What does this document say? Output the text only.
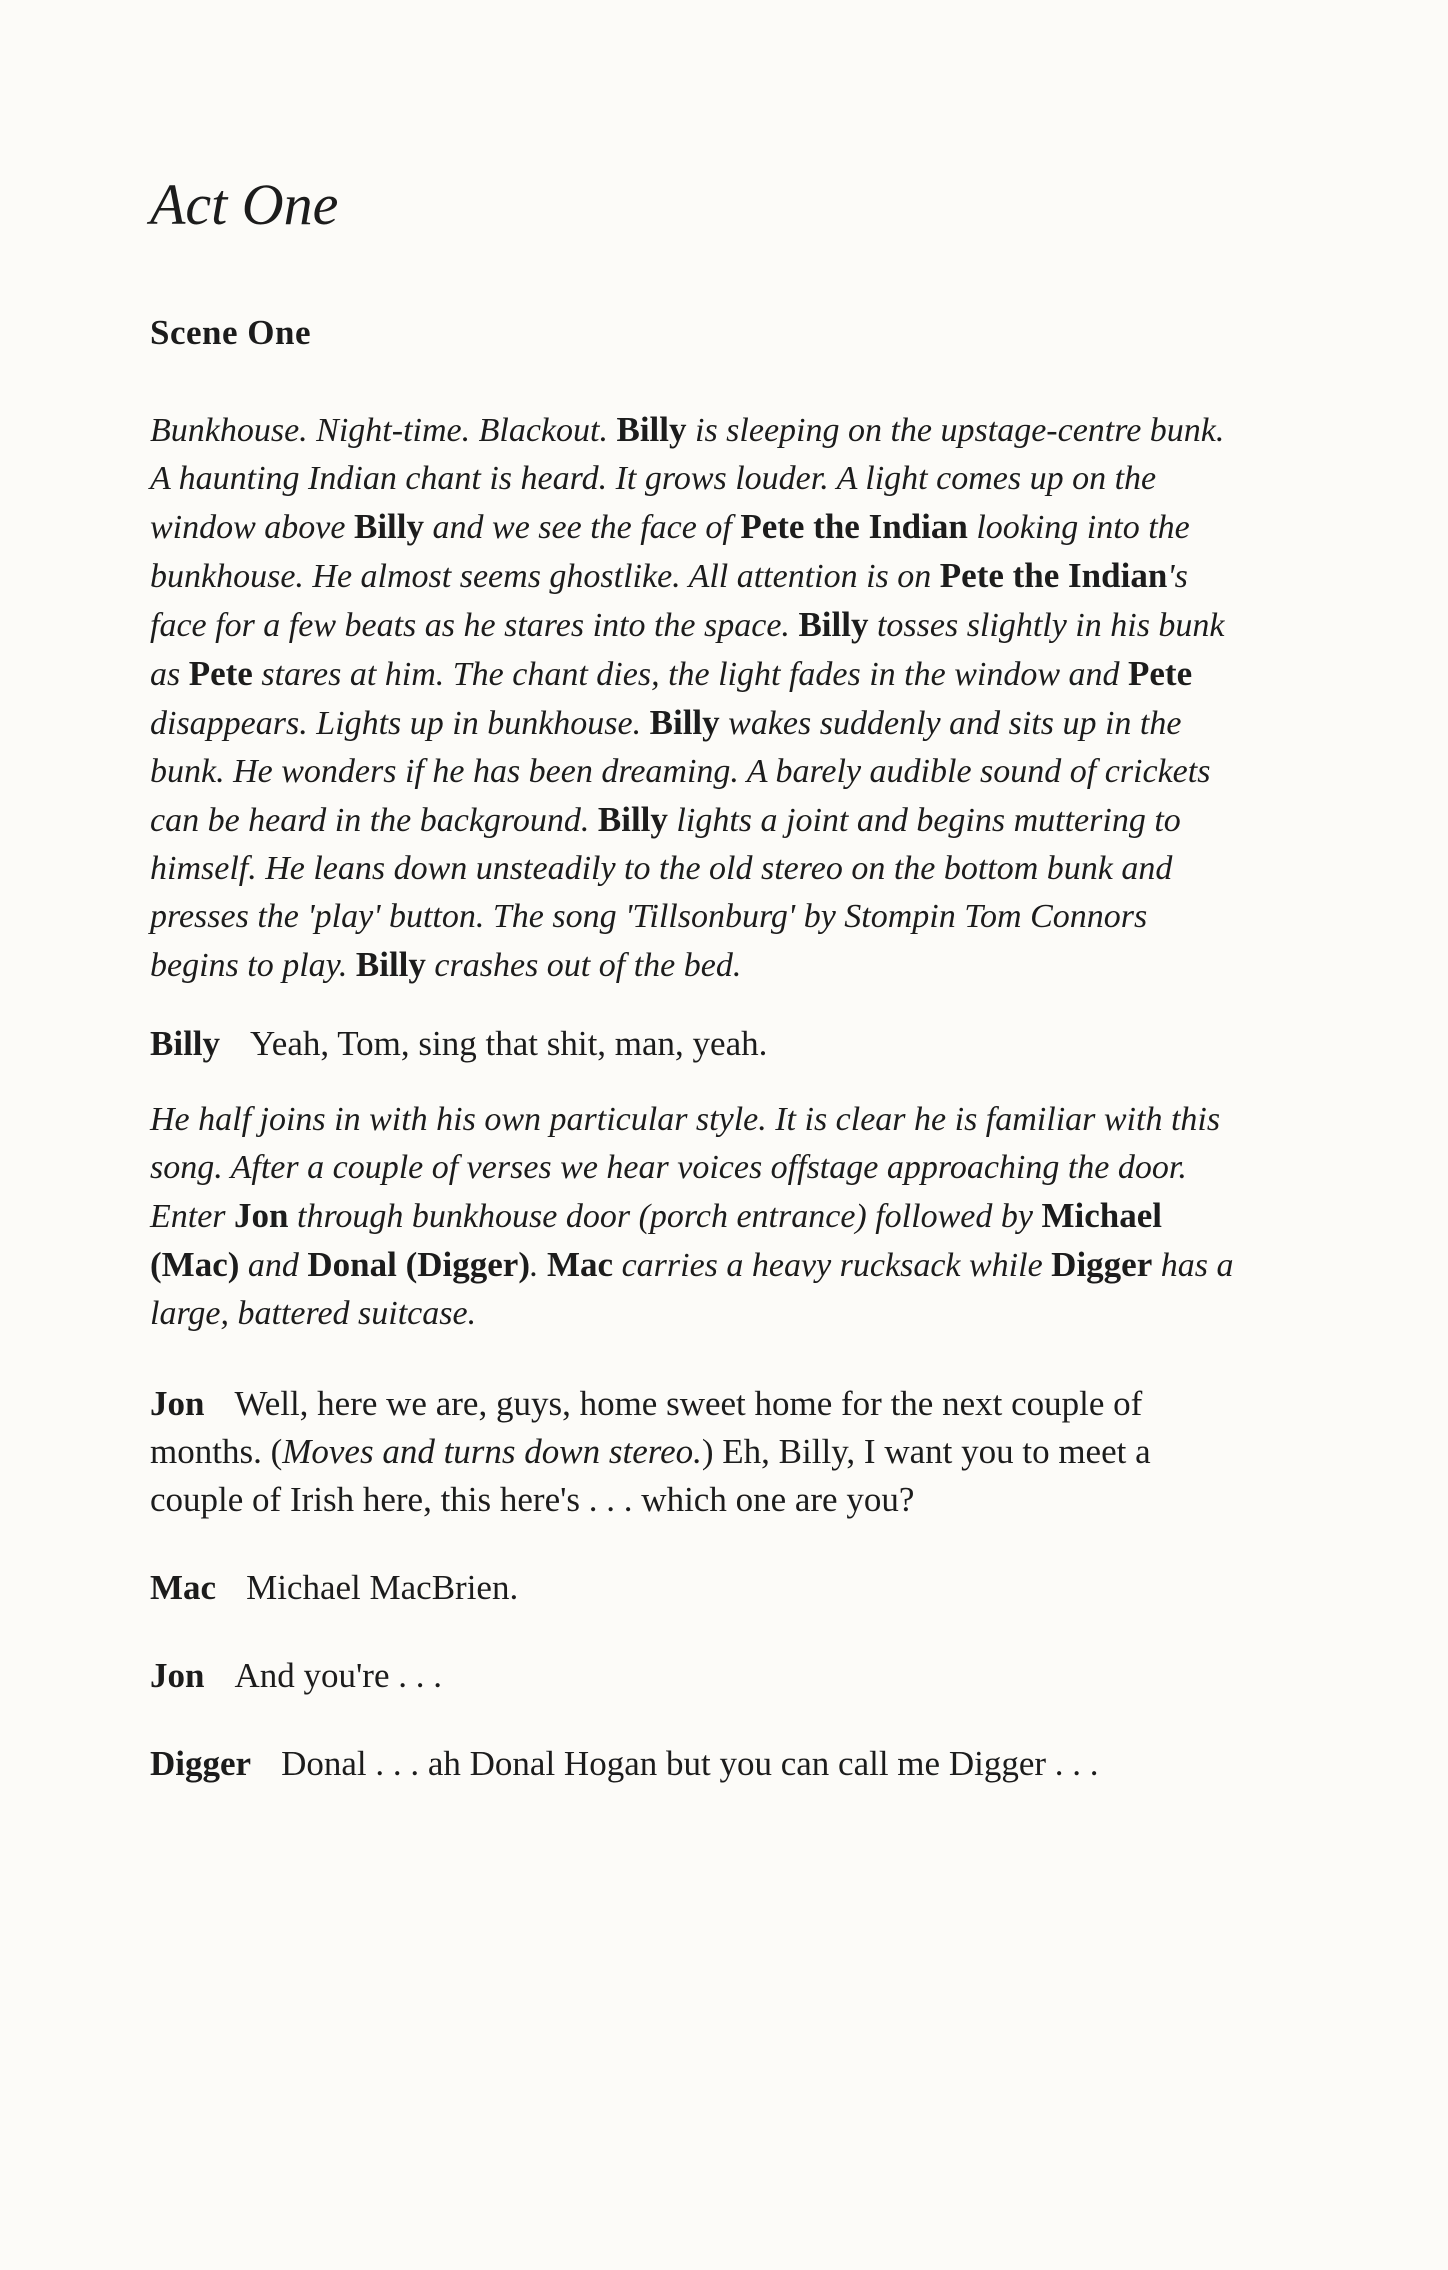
Act One
Scene One

Bunkhouse. Night-time. Blackout. Billy is sleeping on the upstage-centre bunk. A haunting Indian chant is heard. It grows louder. A light comes up on the window above Billy and we see the face of Pete the Indian looking into the bunkhouse. He almost seems ghostlike. All attention is on Pete the Indian's face for a few beats as he stares into the space. Billy tosses slightly in his bunk as Pete stares at him. The chant dies, the light fades in the window and Pete disappears. Lights up in bunkhouse. Billy wakes suddenly and sits up in the bunk. He wonders if he has been dreaming. A barely audible sound of crickets can be heard in the background. Billy lights a joint and begins muttering to himself. He leans down unsteadily to the old stereo on the bottom bunk and presses the 'play' button. The song 'Tillsonburg' by Stompin Tom Connors begins to play. Billy crashes out of the bed.

Billy Yeah, Tom, sing that shit, man, yeah.

He half joins in with his own particular style. It is clear he is familiar with this song. After a couple of verses we hear voices offstage approaching the door. Enter Jon through bunkhouse door (porch entrance) followed by Michael (Mac) and Donal (Digger). Mac carries a heavy rucksack while Digger has a large, battered suitcase.

Jon Well, here we are, guys, home sweet home for the next couple of months. (Moves and turns down stereo.) Eh, Billy, I want you to meet a couple of Irish here, this here's . . . which one are you?

Mac Michael MacBrien.

Jon And you're . . .

Digger Donal . . . ah Donal Hogan but you can call me Digger . . .
